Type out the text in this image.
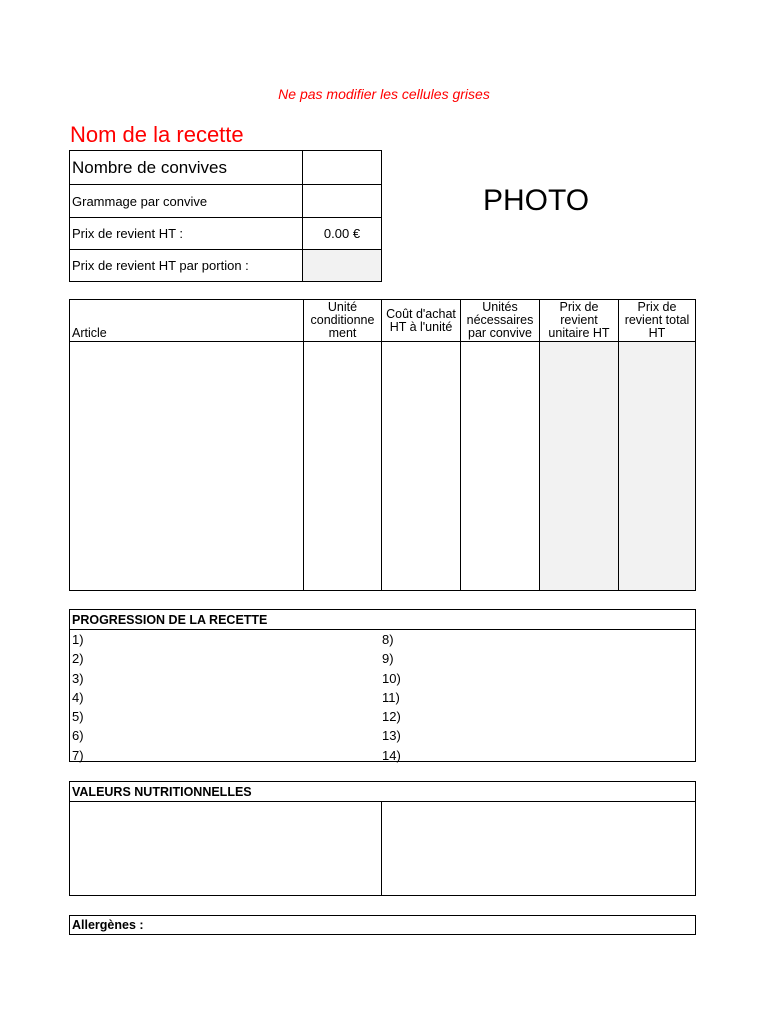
Ne pas modifier les cellules grises
Nom de la recette
PHOTO
Nombre de convives
Grammage par convive
Prix de revient HT :	0.00 €
Prix de revient HT par portion :
Article
Unité conditionne ment
Coût d'achat HT à l'unité
Unités nécessaires par convive
Prix de revient unitaire HT
Prix de revient total HT
PROGRESSION DE LA RECETTE
1)
2)
3)
4)
5)
6)
7)
8)
9)
10)
11)
12)
13)
14)
VALEURS NUTRITIONNELLES
Allergènes :
